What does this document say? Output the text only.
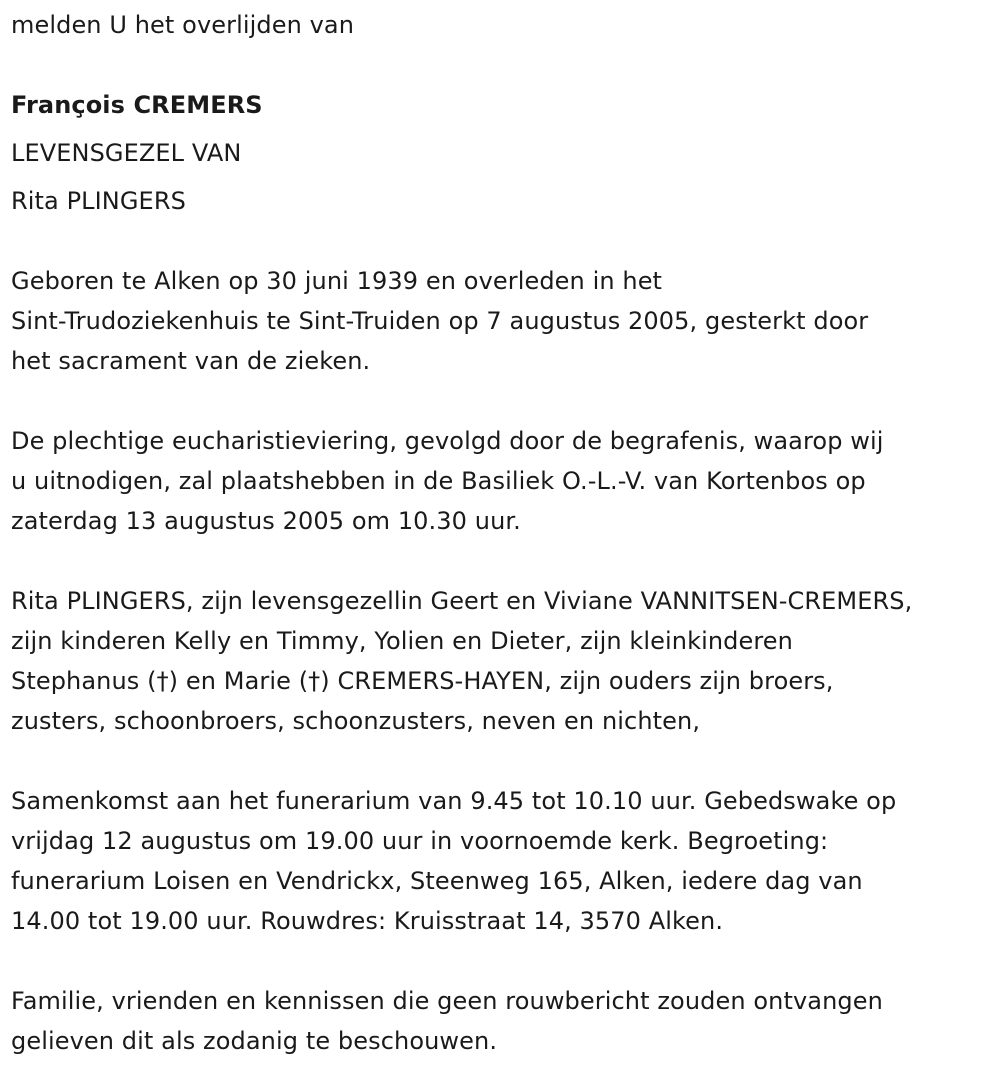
melden U het overlijden van
François CREMERS
LEVENSGEZEL VAN
Rita PLINGERS
Geboren te Alken op 30 juni 1939 en overleden in het
Sint-Trudoziekenhuis te Sint-Truiden op 7 augustus 2005, gesterkt door
het sacrament van de zieken.
De plechtige eucharistieviering, gevolgd door de begrafenis, waarop wij
u uitnodigen, zal plaatshebben in de Basiliek O.-L.-V. van Kortenbos op
zaterdag 13 augustus 2005 om 10.30 uur.
Rita PLINGERS, zijn levensgezellin Geert en Viviane VANNITSEN-CREMERS,
zijn kinderen Kelly en Timmy, Yolien en Dieter, zijn kleinkinderen
Stephanus (†) en Marie (†) CREMERS-HAYEN, zijn ouders zijn broers,
zusters, schoonbroers, schoonzusters, neven en nichten,
Samenkomst aan het funerarium van 9.45 tot 10.10 uur. Gebedswake op
vrijdag 12 augustus om 19.00 uur in voornoemde kerk. Begroeting:
funerarium Loisen en Vendrickx, Steenweg 165, Alken, iedere dag van
14.00 tot 19.00 uur. Rouwdres: Kruisstraat 14, 3570 Alken.
Familie, vrienden en kennissen die geen rouwbericht zouden ontvangen
gelieven dit als zodanig te beschouwen.
